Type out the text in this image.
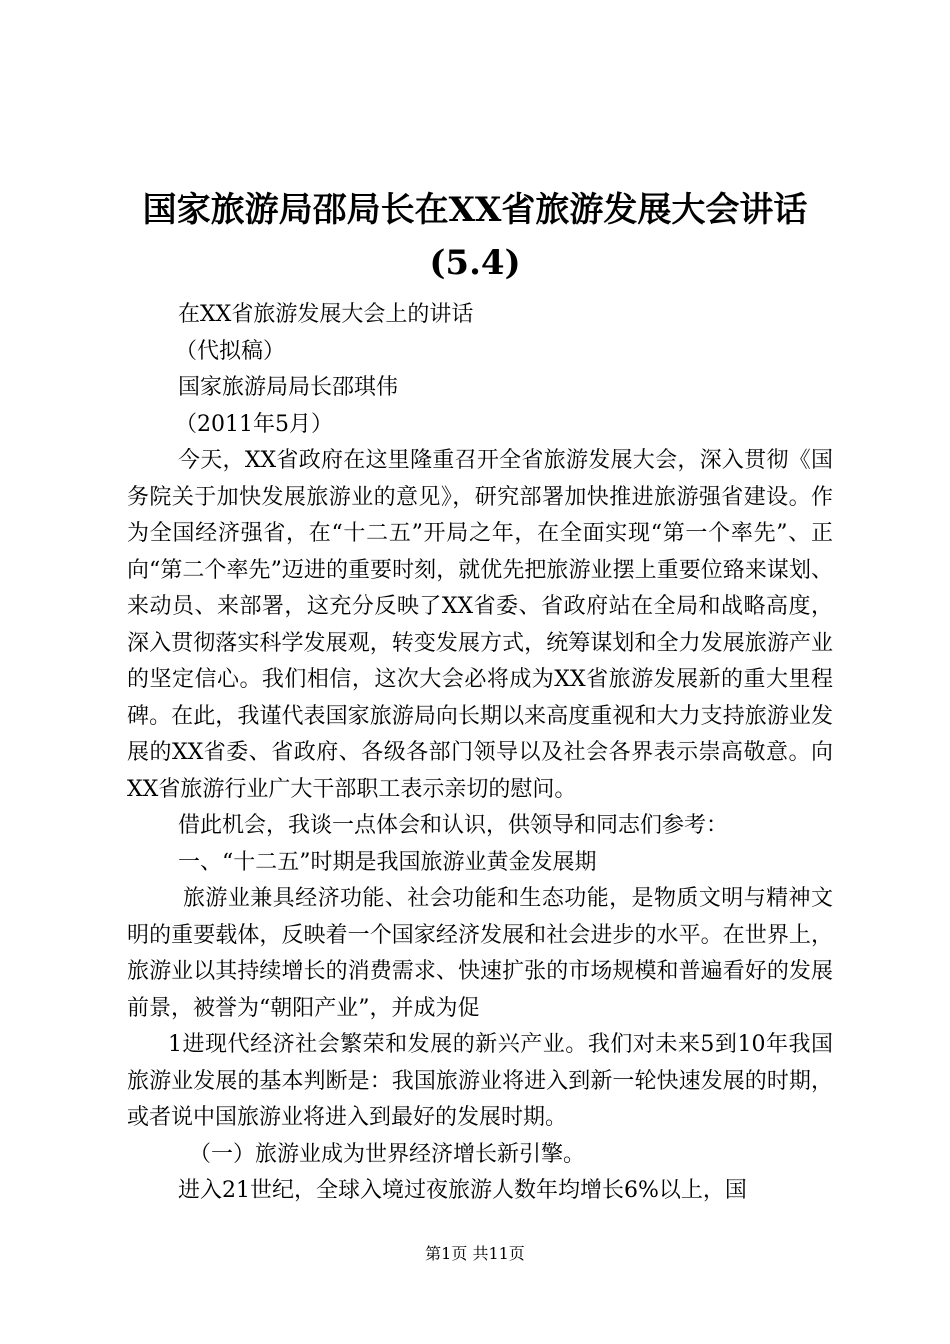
国家旅游局邵局长在XX省旅游发展大会讲话
(5.4)

在XX省旅游发展大会上的讲话

（代拟稿）

国家旅游局局长邵琪伟

（2011年5月）

今天，XX省政府在这里隆重召开全省旅游发展大会，深入贯彻《国务院关于加快发展旅游业的意见》，研究部署加快推进旅游强省建设。作为全国经济强省，在“十二五”开局之年，在全面实现“第一个率先”、正向“第二个率先”迈进的重要时刻，就优先把旅游业摆上重要位臵来谋划、来动员、来部署，这充分反映了XX省委、省政府站在全局和战略高度，深入贯彻落实科学发展观，转变发展方式，统筹谋划和全力发展旅游产业的坚定信心。我们相信，这次大会必将成为XX省旅游发展新的重大里程碑。在此，我谨代表国家旅游局向长期以来高度重视和大力支持旅游业发展的XX省委、省政府、各级各部门领导以及社会各界表示崇高敬意。向XX省旅游行业广大干部职工表示亲切的慰问。

借此机会，我谈一点体会和认识，供领导和同志们参考：

一、“十二五”时期是我国旅游业黄金发展期

旅游业兼具经济功能、社会功能和生态功能，是物质文明与精神文明的重要载体，反映着一个国家经济发展和社会进步的水平。在世界上，旅游业以其持续增长的消费需求、快速扩张的市场规模和普遍看好的发展前景，被誉为“朝阳产业”，并成为促

1进现代经济社会繁荣和发展的新兴产业。我们对未来5到10年我国旅游业发展的基本判断是：我国旅游业将进入到新一轮快速发展的时期，或者说中国旅游业将进入到最好的发展时期。

（一）旅游业成为世界经济增长新引擎。

进入21世纪，全球入境过夜旅游人数年均增长6%以上，国

第1页 共11页
